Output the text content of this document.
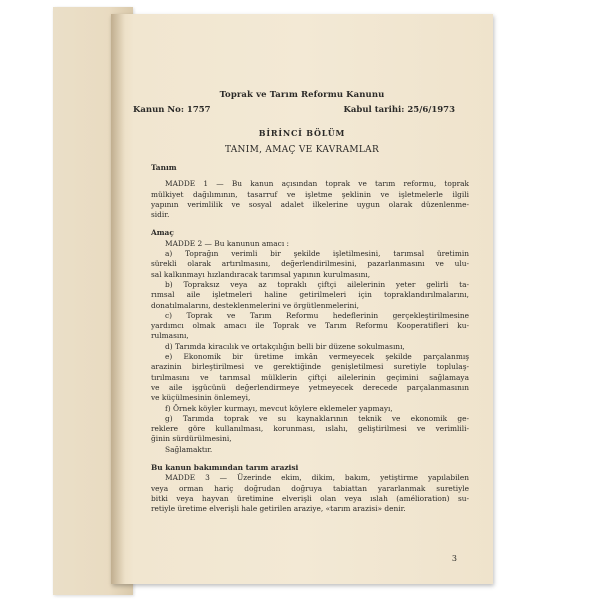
Toprak ve Tarım Reformu Kanunu

Kanun No: 1757	Kabul tarihi: 25/6/1973

BİRİNCİ BÖLÜM

TANIM, AMAÇ VE KAVRAMLAR

Tanım

MADDE 1 — Bu kanun açısından toprak ve tarım reformu, toprak

mülkiyet dağılımının, tasarruf ve işletme şeklinin ve işletmelerle ilgili

yapının verimlilik ve sosyal adalet ilkelerine uygun olarak düzenlenme-

sidir.

Amaç

MADDE 2 — Bu kanunun amacı :

a) Toprağın verimli bir şekilde işletilmesini, tarımsal üretimin

sürekli olarak artırılmasını, değerlendirilmesini, pazarlanmasını ve ulu-

sal kalkınmayı hızlandıracak tarımsal yapının kurulmasını,

b) Topraksız veya az topraklı çiftçi ailelerinin yeter gelirli ta-

rımsal aile işletmeleri haline getirilmeleri için topraklandırılmalarını,

donatılmalarını, desteklenmelerini ve örgütlenmelerini,

c) Toprak ve Tarım Reformu hedeflerinin gerçekleştirilmesine

yardımcı olmak amacı ile Toprak ve Tarım Reformu Kooperatifleri ku-

rulmasını,

d) Tarımda kiracılık ve ortakçılığın belli bir düzene sokulmasını,

e) Ekonomik bir üretime imkân vermeyecek şekilde parçalanmış

arazinin birleştirilmesi ve gerektiğinde genişletilmesi suretiyle toplulaş-

tırılmasını ve tarımsal mülklerin çiftçi ailelerinin geçimini sağlamaya

ve aile işgücünü değerlendirmeye yetmeyecek derecede parçalanmasının

ve küçülmesinin önlemeyi,

f) Örnek köyler kurmayı, mevcut köylere eklemeler yapmayı,

g) Tarımda toprak ve su kaynaklarının teknik ve ekonomik ge-

reklere göre kullanılması, korunması, ıslahı, geliştirilmesi ve verimlili-

ğinin sürdürülmesini,

Sağlamaktır.

Bu kanun bakımından tarım arazisi

MADDE 3 — Üzerinde ekim, dikim, bakım, yetiştirme yapılabilen

veya orman hariç doğrudan doğruya tabiattan yararlanmak suretiyle

bitki veya hayvan üretimine elverişli olan veya ıslah (amélioration) su-

retiyle üretime elverişli hale getirilen araziye, «tarım arazisi» denir.

3
